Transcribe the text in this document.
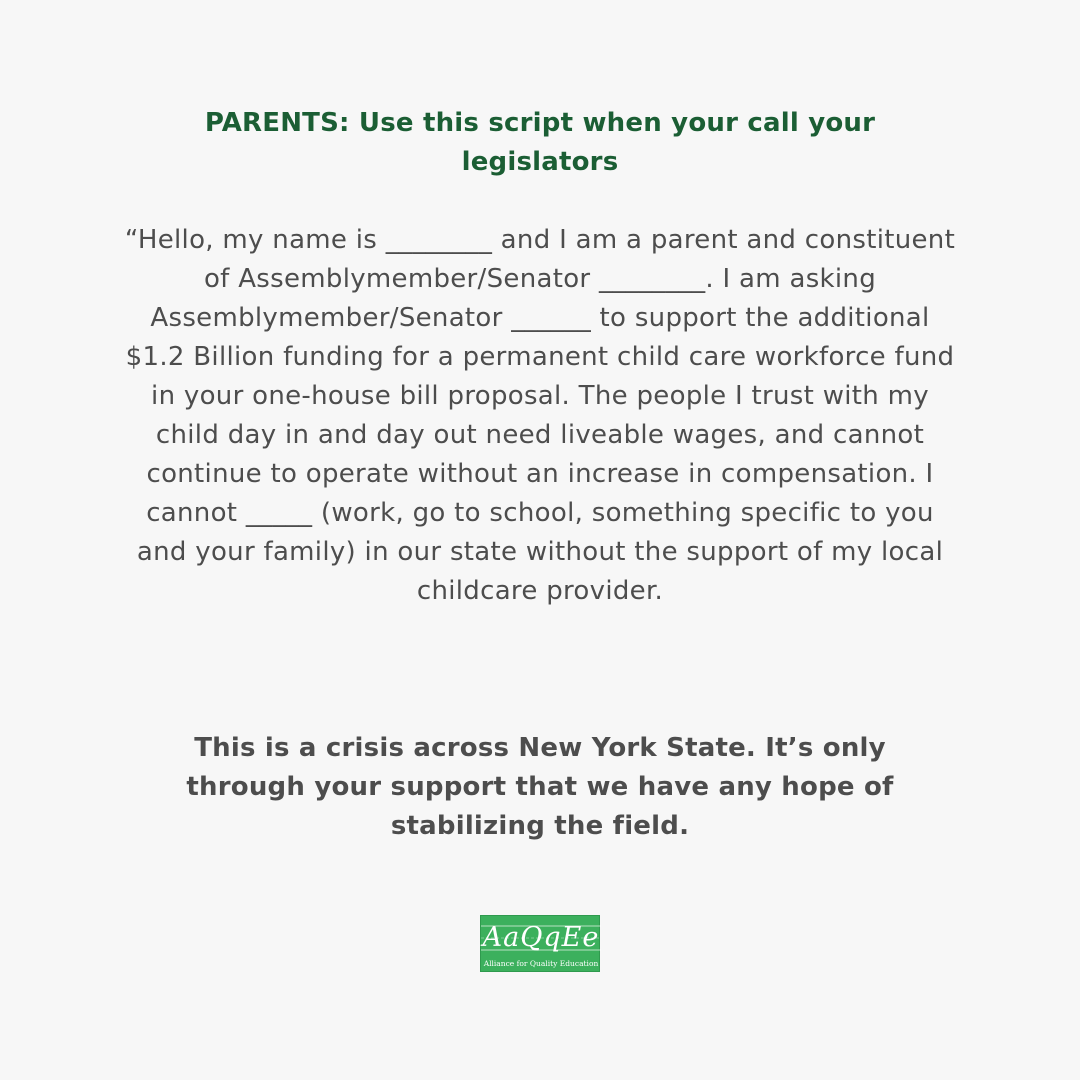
PARENTS: Use this script when your call your legislators

“Hello, my name is ________ and I am a parent and constituent of Assemblymember/Senator ________. I am asking Assemblymember/Senator ______ to support the additional $1.2 Billion funding for a permanent child care workforce fund in your one-house bill proposal. The people I trust with my child day in and day out need liveable wages, and cannot continue to operate without an increase in compensation. I cannot _____ (work, go to school, something specific to you and your family) in our state without the support of my local childcare provider.

This is a crisis across New York State. It’s only through your support that we have any hope of stabilizing the field.

AaQqEe
Alliance for Quality Education
